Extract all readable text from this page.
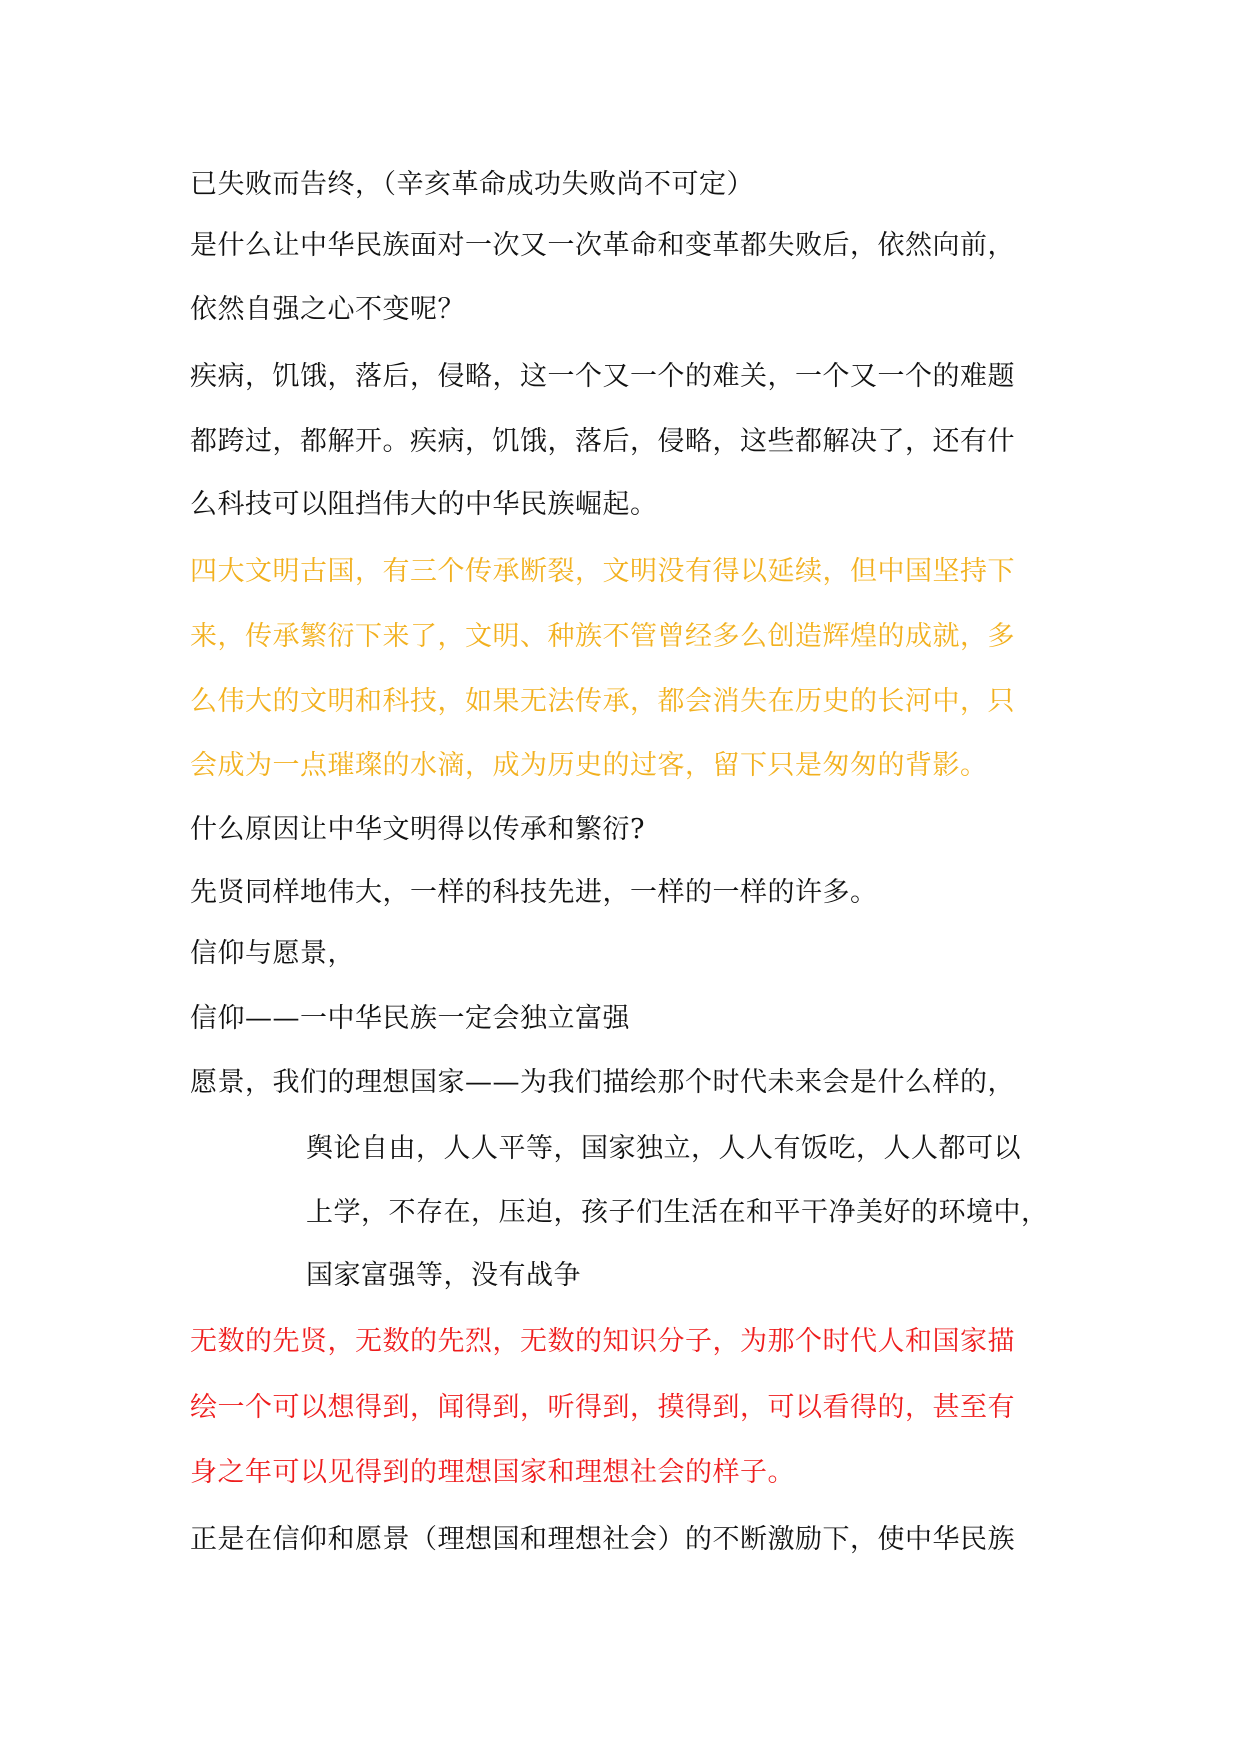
已失败而告终，（辛亥革命成功失败尚不可定）
是什么让中华民族面对一次又一次革命和变革都失败后，依然向前，
依然自强之心不变呢？
疾病，饥饿，落后，侵略，这一个又一个的难关，一个又一个的难题
都跨过，都解开。疾病，饥饿，落后，侵略，这些都解决了，还有什
么科技可以阻挡伟大的中华民族崛起。
四大文明古国，有三个传承断裂，文明没有得以延续，但中国坚持下
来，传承繁衍下来了，文明、种族不管曾经多么创造辉煌的成就，多
么伟大的文明和科技，如果无法传承，都会消失在历史的长河中，只
会成为一点璀璨的水滴，成为历史的过客，留下只是匆匆的背影。
什么原因让中华文明得以传承和繁衍?
先贤同样地伟大，一样的科技先进，一样的一样的许多。
信仰与愿景，
信仰——一中华民族一定会独立富强
愿景，我们的理想国家——为我们描绘那个时代未来会是什么样的，
舆论自由，人人平等，国家独立，人人有饭吃，人人都可以
上学，不存在，压迫，孩子们生活在和平干净美好的环境中，
国家富强等，没有战争
无数的先贤，无数的先烈，无数的知识分子，为那个时代人和国家描
绘一个可以想得到，闻得到，听得到，摸得到，可以看得的，甚至有
身之年可以见得到的理想国家和理想社会的样子。
正是在信仰和愿景（理想国和理想社会）的不断激励下，使中华民族
